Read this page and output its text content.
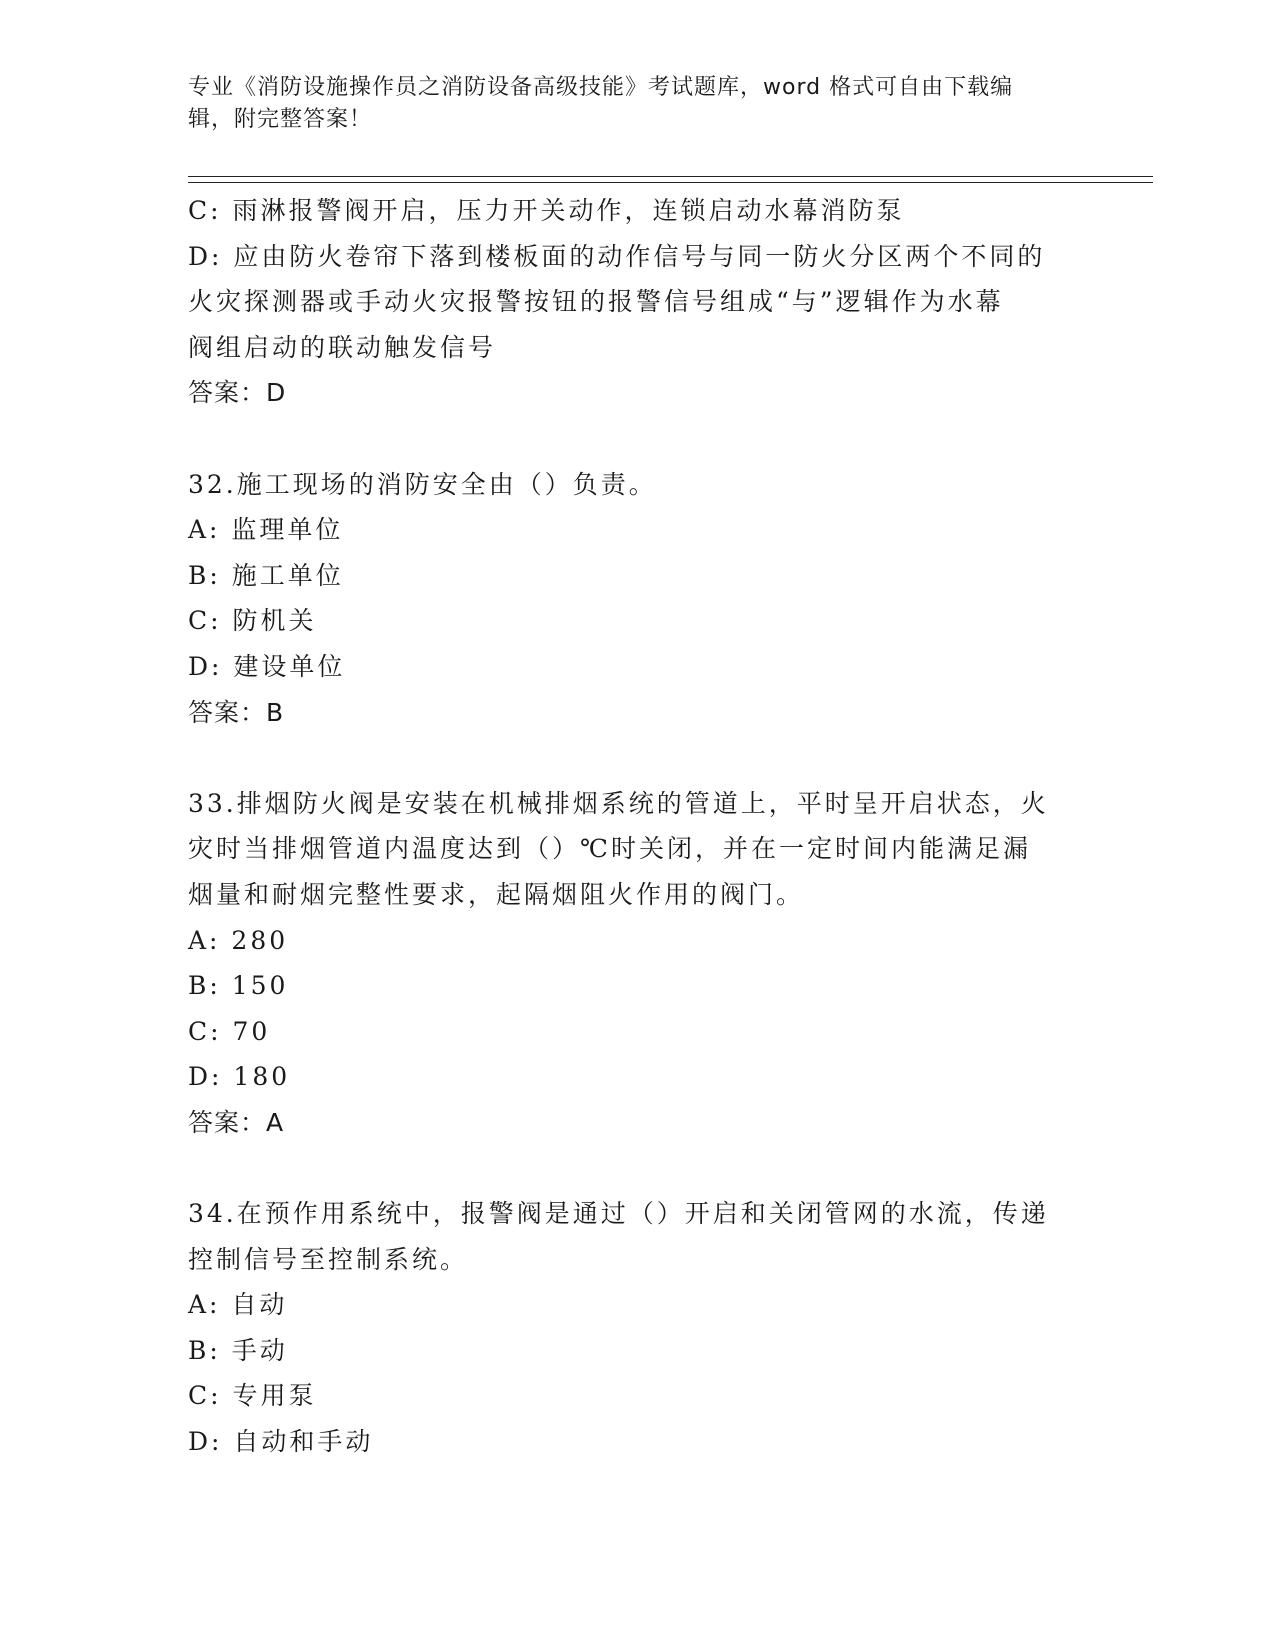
专业《消防设施操作员之消防设备高级技能》考试题库，word 格式可自由下载编
辑，附完整答案！
C: 雨淋报警阀开启，压力开关动作，连锁启动水幕消防泵
D: 应由防火卷帘下落到楼板面的动作信号与同一防火分区两个不同的
火灾探测器或手动火灾报警按钮的报警信号组成“与”逻辑作为水幕
阀组启动的联动触发信号
答案：D
32.施工现场的消防安全由（）负责。
A: 监理单位
B: 施工单位
C: 防机关
D: 建设单位
答案：B
33.排烟防火阀是安装在机械排烟系统的管道上，平时呈开启状态，火
灾时当排烟管道内温度达到（）℃时关闭，并在一定时间内能满足漏
烟量和耐烟完整性要求，起隔烟阻火作用的阀门。
A: 280
B: 150
C: 70
D: 180
答案：A
34.在预作用系统中，报警阀是通过（）开启和关闭管网的水流，传递
控制信号至控制系统。
A: 自动
B: 手动
C: 专用泵
D: 自动和手动
